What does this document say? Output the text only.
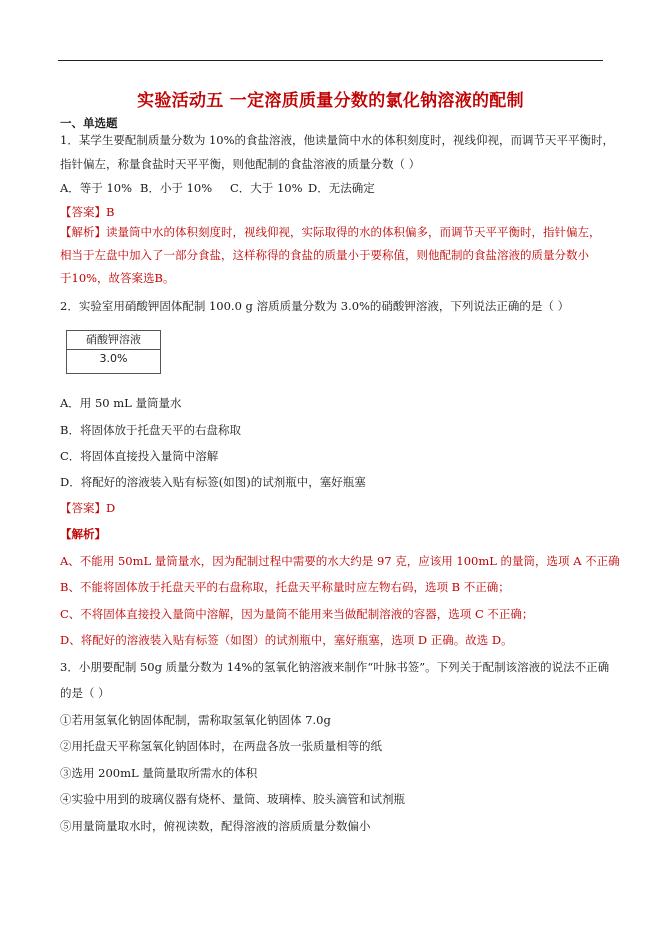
实验活动五 一定溶质质量分数的氯化钠溶液的配制
一、单选题
1．某学生要配制质量分数为 10%的食盐溶液，他读量筒中水的体积刻度时，视线仰视，而调节天平平衡时，
指针偏左，称量食盐时天平平衡，则他配制的食盐溶液的质量分数（ ）
A．等于 10% B．小于 10% C．大于 10% D．无法确定
【答案】B
【解析】读量筒中水的体积刻度时，视线仰视，实际取得的水的体积偏多，而调节天平平衡时，指针偏左，
相当于左盘中加入了一部分食盐，这样称得的食盐的质量小于要称值，则他配制的食盐溶液的质量分数小
于10%，故答案选B。
2．实验室用硝酸钾固体配制 100.0 g 溶质质量分数为 3.0%的硝酸钾溶液，下列说法正确的是（ ）
硝酸钾溶液
3.0%
A．用 50 mL 量筒量水
B．将固体放于托盘天平的右盘称取
C．将固体直接投入量筒中溶解
D．将配好的溶液装入贴有标签(如图)的试剂瓶中，塞好瓶塞
【答案】D
【解析】
A、不能用 50mL 量筒量水，因为配制过程中需要的水大约是 97 克，应该用 100mL 的量筒，选项 A 不正确
B、不能将固体放于托盘天平的右盘称取，托盘天平称量时应左物右码，选项 B 不正确；
C、不将固体直接投入量筒中溶解，因为量筒不能用来当做配制溶液的容器，选项 C 不正确；
D、将配好的溶液装入贴有标签（如图）的试剂瓶中，塞好瓶塞，选项 D 正确。故选 D。
3．小朋要配制 50g 质量分数为 14%的氢氧化钠溶液来制作“叶脉书签”。下列关于配制该溶液的说法不正确
的是（ ）
①若用氢氧化钠固体配制，需称取氢氧化钠固体 7.0g
②用托盘天平称氢氧化钠固体时，在两盘各放一张质量相等的纸
③选用 200mL 量筒量取所需水的体积
④实验中用到的玻璃仪器有烧杯、量筒、玻璃棒、胶头滴管和试剂瓶
⑤用量筒量取水时，俯视读数，配得溶液的溶质质量分数偏小
